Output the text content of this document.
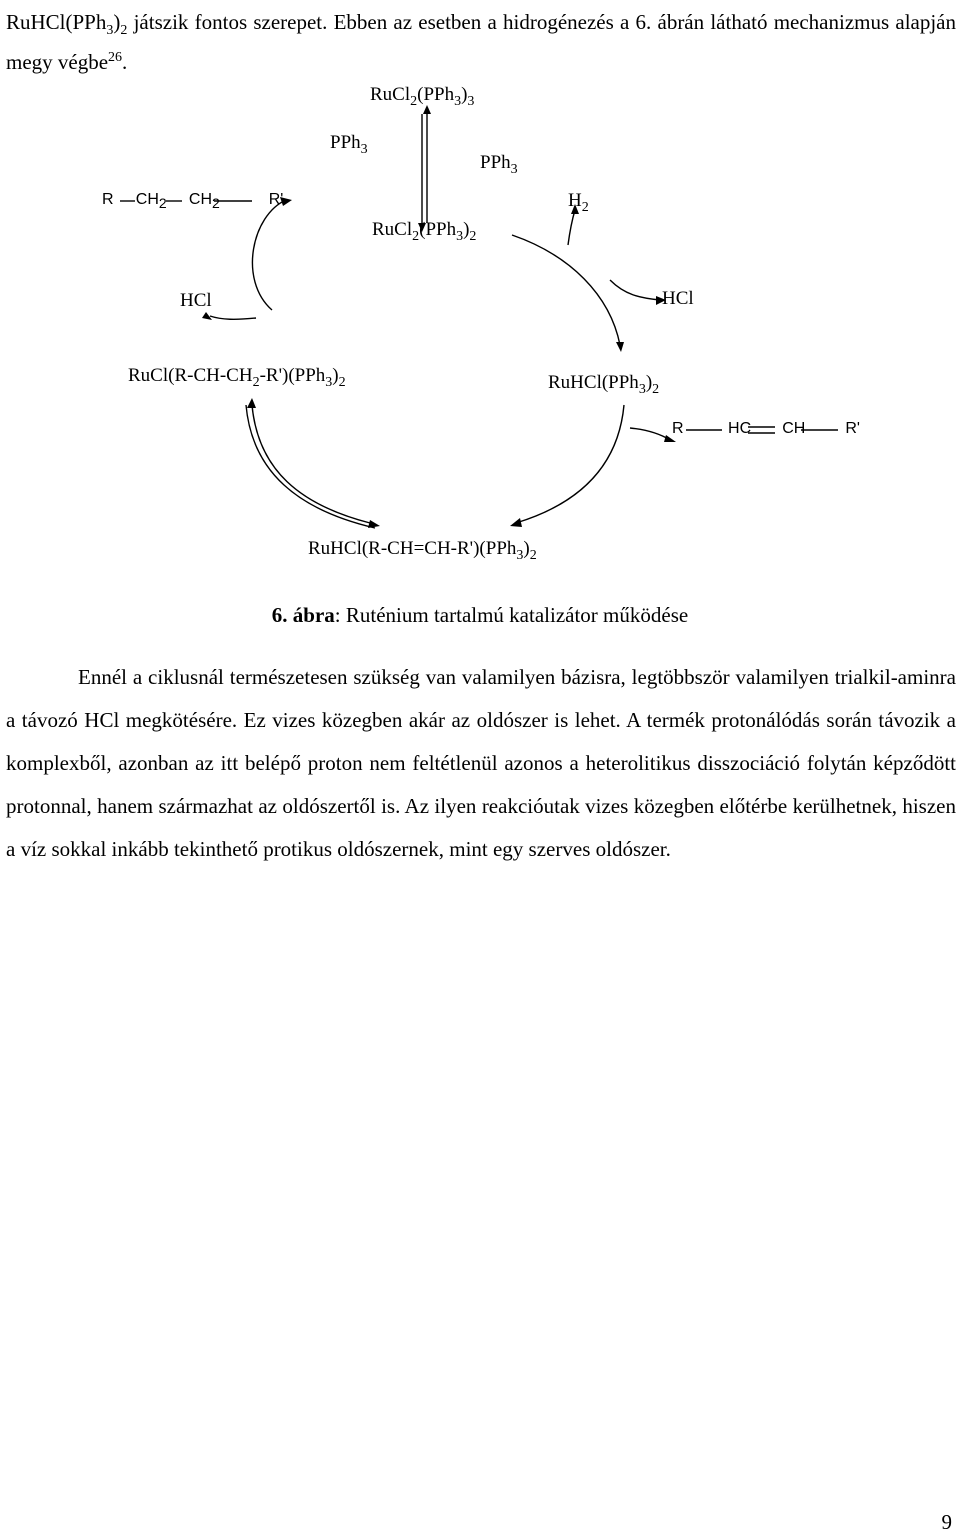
$RuHCl(PPh_3)_2$ játszik fontos szerepet. Ebben az esetben a hidrogénezés a 6. ábrán látható mechanizmus alapján megy végbe$^{26}$.
$RuCl_2(PPh_3)_3$
PPh$_3$
PPh$_3$
R     $CH_2$     $CH_2$           R'	$H_2$
$RuCl_2(PPh_3)_2$
HCl	HCl
$RuCl(R-CH-CH_2-R')(PPh_3)_2$	$RuHCl(PPh_3)_2$
R          HC       CH         R'
$RuHCl(R-CH=CH-R')(PPh_3)_2$
6. ábra: Ruténium tartalmú katalizátor működése
Ennél a ciklusnál természetesen szükség van valamilyen bázisra, legtöbbször valamilyen trialkil-aminra a távozó HCl megkötésére. Ez vizes közegben akár az oldószer is lehet. A termék protonálódás során távozik a komplexből, azonban az itt belépő proton nem feltétlenül azonos a heterolitikus disszociáció folytán képződött protonnal, hanem származhat az oldószertől is. Az ilyen reakcióutak vizes közegben előtérbe kerülhetnek, hiszen a víz sokkal inkább tekinthető protikus oldószernek, mint egy szerves oldószer.
9
